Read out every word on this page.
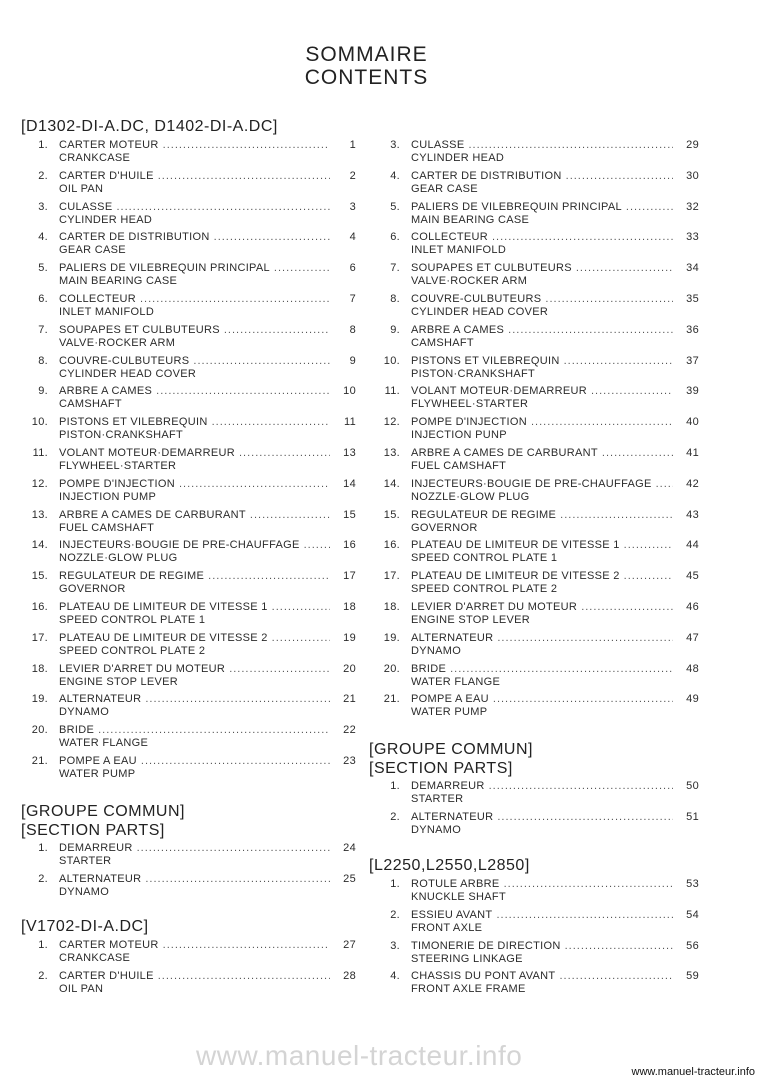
SOMMAIRE
CONTENTS
[D1302-DI-A.DC, D1402-DI-A.DC]
[GROUPE COMMUN]
[SECTION PARTS]
[V1702-DI-A.DC]
1. CARTER MOTEUR .....	1
CRANKCASE
2. CARTER D'HUILE .....	2
OIL PAN
3. CULASSE .....	3
CYLINDER HEAD
4. CARTER DE DISTRIBUTION .....	4
GEAR CASE
5. PALIERS DE VILEBREQUIN PRINCIPAL .....	6
MAIN BEARING CASE
6. COLLECTEUR .....	7
INLET MANIFOLD
7. SOUPAPES ET CULBUTEURS .....	8
VALVE·ROCKER ARM
8. COUVRE-CULBUTEURS .....	9
CYLINDER HEAD COVER
9. ARBRE A CAMES .....	10
CAMSHAFT
10. PISTONS ET VILEBREQUIN .....	11
PISTON·CRANKSHAFT
11. VOLANT MOTEUR·DEMARREUR .....	13
FLYWHEEL·STARTER
12. POMPE D'INJECTION .....	14
INJECTION PUMP
13. ARBRE A CAMES DE CARBURANT .....	15
FUEL CAMSHAFT
14. INJECTEURS·BOUGIE DE PRE-CHAUFFAGE .....	16
NOZZLE·GLOW PLUG
15. REGULATEUR DE REGIME .....	17
GOVERNOR
16. PLATEAU DE LIMITEUR DE VITESSE 1 .....	18
SPEED CONTROL PLATE 1
17. PLATEAU DE LIMITEUR DE VITESSE 2 .....	19
SPEED CONTROL PLATE 2
18. LEVIER D'ARRET DU MOTEUR .....	20
ENGINE STOP LEVER
19. ALTERNATEUR .....	21
DYNAMO
20. BRIDE .....	22
WATER FLANGE
21. POMPE A EAU .....	23
WATER PUMP
1. DEMARREUR .....	24
STARTER
2. ALTERNATEUR .....	25
DYNAMO
1. CARTER MOTEUR .....	27
CRANKCASE
2. CARTER D'HUILE .....	28
OIL PAN
[GROUPE COMMUN]
[SECTION PARTS]
[L2250,L2550,L2850]
3. CULASSE .....	29
CYLINDER HEAD
4. CARTER DE DISTRIBUTION .....	30
GEAR CASE
5. PALIERS DE VILEBREQUIN PRINCIPAL .....	32
MAIN BEARING CASE
6. COLLECTEUR .....	33
INLET MANIFOLD
7. SOUPAPES ET CULBUTEURS .....	34
VALVE·ROCKER ARM
8. COUVRE-CULBUTEURS .....	35
CYLINDER HEAD COVER
9. ARBRE A CAMES .....	36
CAMSHAFT
10. PISTONS ET VILEBREQUIN .....	37
PISTON·CRANKSHAFT
11. VOLANT MOTEUR·DEMARREUR .....	39
FLYWHEEL·STARTER
12. POMPE D'INJECTION .....	40
INJECTION PUNP
13. ARBRE A CAMES DE CARBURANT .....	41
FUEL CAMSHAFT
14. INJECTEURS·BOUGIE DE PRE-CHAUFFAGE .....	42
NOZZLE·GLOW PLUG
15. REGULATEUR DE REGIME .....	43
GOVERNOR
16. PLATEAU DE LIMITEUR DE VITESSE 1 .....	44
SPEED CONTROL PLATE 1
17. PLATEAU DE LIMITEUR DE VITESSE 2 .....	45
SPEED CONTROL PLATE 2
18. LEVIER D'ARRET DU MOTEUR .....	46
ENGINE STOP LEVER
19. ALTERNATEUR .....	47
DYNAMO
20. BRIDE .....	48
WATER FLANGE
21. POMPE A EAU .....	49
WATER PUMP
1. DEMARREUR .....	50
STARTER
2. ALTERNATEUR .....	51
DYNAMO
1. ROTULE ARBRE .....	53
KNUCKLE SHAFT
2. ESSIEU AVANT .....	54
FRONT AXLE
3. TIMONERIE DE DIRECTION .....	56
STEERING LINKAGE
4. CHASSIS DU PONT AVANT .....	59
FRONT AXLE FRAME
www.manuel-tracteur.info
www.manuel-tracteur.info
